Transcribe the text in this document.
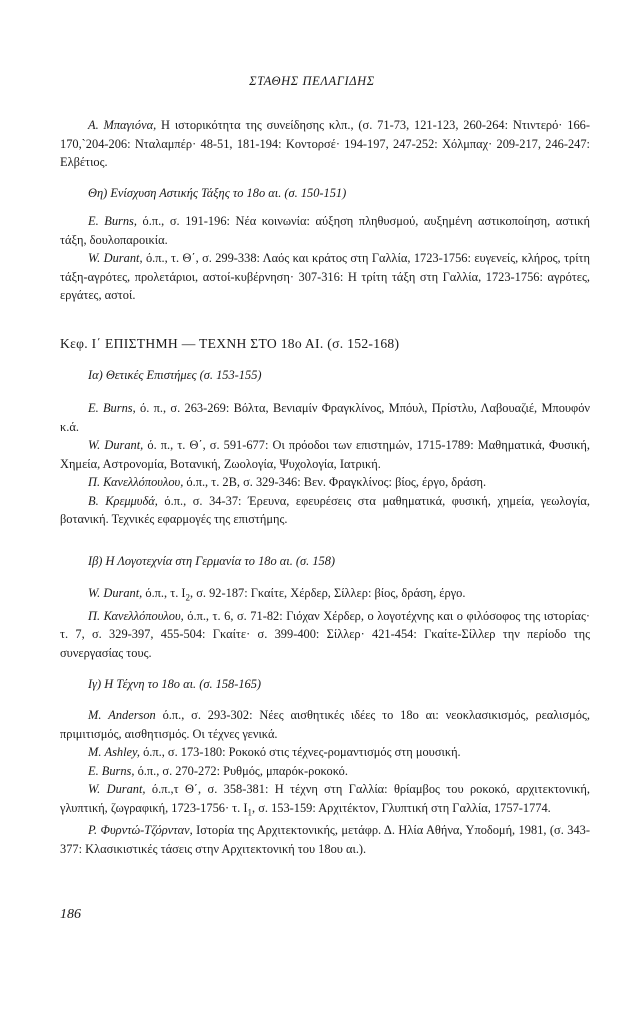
ΣΤΑΘΗΣ ΠΕΛΑΓΙΔΗΣ

Α. Μπαγιόνα, Η ιστορικότητα της συνείδησης κλπ., (σ. 71-73, 121-123, 260-264: Ντιντερό· 166-170,`204-206: Νταλαμπέρ· 48-51, 181-194: Κοντορσέ· 194-197, 247-252: Χόλμπαχ· 209-217, 246-247: Ελβέτιος.

Θη) Ενίσχυση Αστικής Τάξης το 18ο αι. (σ. 150-151)

Ε. Burns, ό.π., σ. 191-196: Νέα κοινωνία: αύξηση πληθυσμού, αυξημένη αστικοποίηση, αστική τάξη, δουλοπαροικία.

W. Durant, ό.π., τ. Θ΄, σ. 299-338: Λαός και κράτος στη Γαλλία, 1723-1756: ευγενείς, κλήρος, τρίτη τάξη-αγρότες, προλετάριοι, αστοί-κυβέρνηση· 307-316: Η τρίτη τάξη στη Γαλλία, 1723-1756: αγρότες, εργάτες, αστοί.

Κεφ. Ι΄ ΕΠΙΣΤΗΜΗ — ΤΕΧΝΗ ΣΤΟ 18ο ΑΙ. (σ. 152-168)

Ια) Θετικές Επιστήμες (σ. 153-155)

Ε. Burns, ό. π., σ. 263-269: Βόλτα, Βενιαμίν Φραγκλίνος, Μπόυλ, Πρίστλυ, Λαβουαζιέ, Μπουφόν κ.ά.

W. Durant, ό. π., τ. Θ΄, σ. 591-677: Οι πρόοδοι των επιστημών, 1715-1789: Μαθηματικά, Φυσική, Χημεία, Αστρονομία, Βοτανική, Ζωολογία, Ψυχολογία, Ιατρική.

Π. Κανελλόπουλου, ό.π., τ. 2Β, σ. 329-346: Βεν. Φραγκλίνος: βίος, έργο, δράση.

Β. Κρεμμυδά, ό.π., σ. 34-37: Έρευνα, εφευρέσεις στα μαθηματικά, φυσική, χημεία, γεωλογία, βοτανική. Τεχνικές εφαρμογές της επιστήμης.

Ιβ) Η Λογοτεχνία στη Γερμανία το 18ο αι. (σ. 158)

W. Durant, ό.π., τ. $I_2$, σ. 92-187: Γκαίτε, Χέρδερ, Σίλλερ: βίος, δράση, έργο.

Π. Κανελλόπουλου, ό.π., τ. 6, σ. 71-82: Γιόχαν Χέρδερ, ο λογοτέχνης και ο φιλόσοφος της ιστορίας· τ. 7, σ. 329-397, 455-504: Γκαίτε· σ. 399-400: Σίλλερ· 421-454: Γκαίτε-Σίλλερ την περίοδο της συνεργασίας τους.

Ιγ) Η Τέχνη το 18ο αι. (σ. 158-165)

Μ. Anderson ό.π., σ. 293-302: Νέες αισθητικές ιδέες το 18ο αι: νεοκλασικισμός, ρεαλισμός, πριμιτισμός, αισθητισμός. Οι τέχνες γενικά.

Μ. Ashley, ό.π., σ. 173-180: Ροκοκό στις τέχνες-ρομαντισμός στη μουσική.

Ε. Burns, ό.π., σ. 270-272: Ρυθμός, μπαρόκ-ροκοκό.

W. Durant, ό.π.,τ Θ΄, σ. 358-381: Η τέχνη στη Γαλλία: θρίαμβος του ροκοκό, αρχιτεκτονική, γλυπτική, ζωγραφική, 1723-1756· τ. $I_1$, σ. 153-159: Αρχιτέκτον, Γλυπτική στη Γαλλία, 1757-1774.

Ρ. Φυρντώ-Τζόρνταν, Ιστορία της Αρχιτεκτονικής, μετάφρ. Δ. Ηλία Αθήνα, Υποδομή, 1981, (σ. 343-377: Κλασικιστικές τάσεις στην Αρχιτεκτονική του 18ου αι.).

186
